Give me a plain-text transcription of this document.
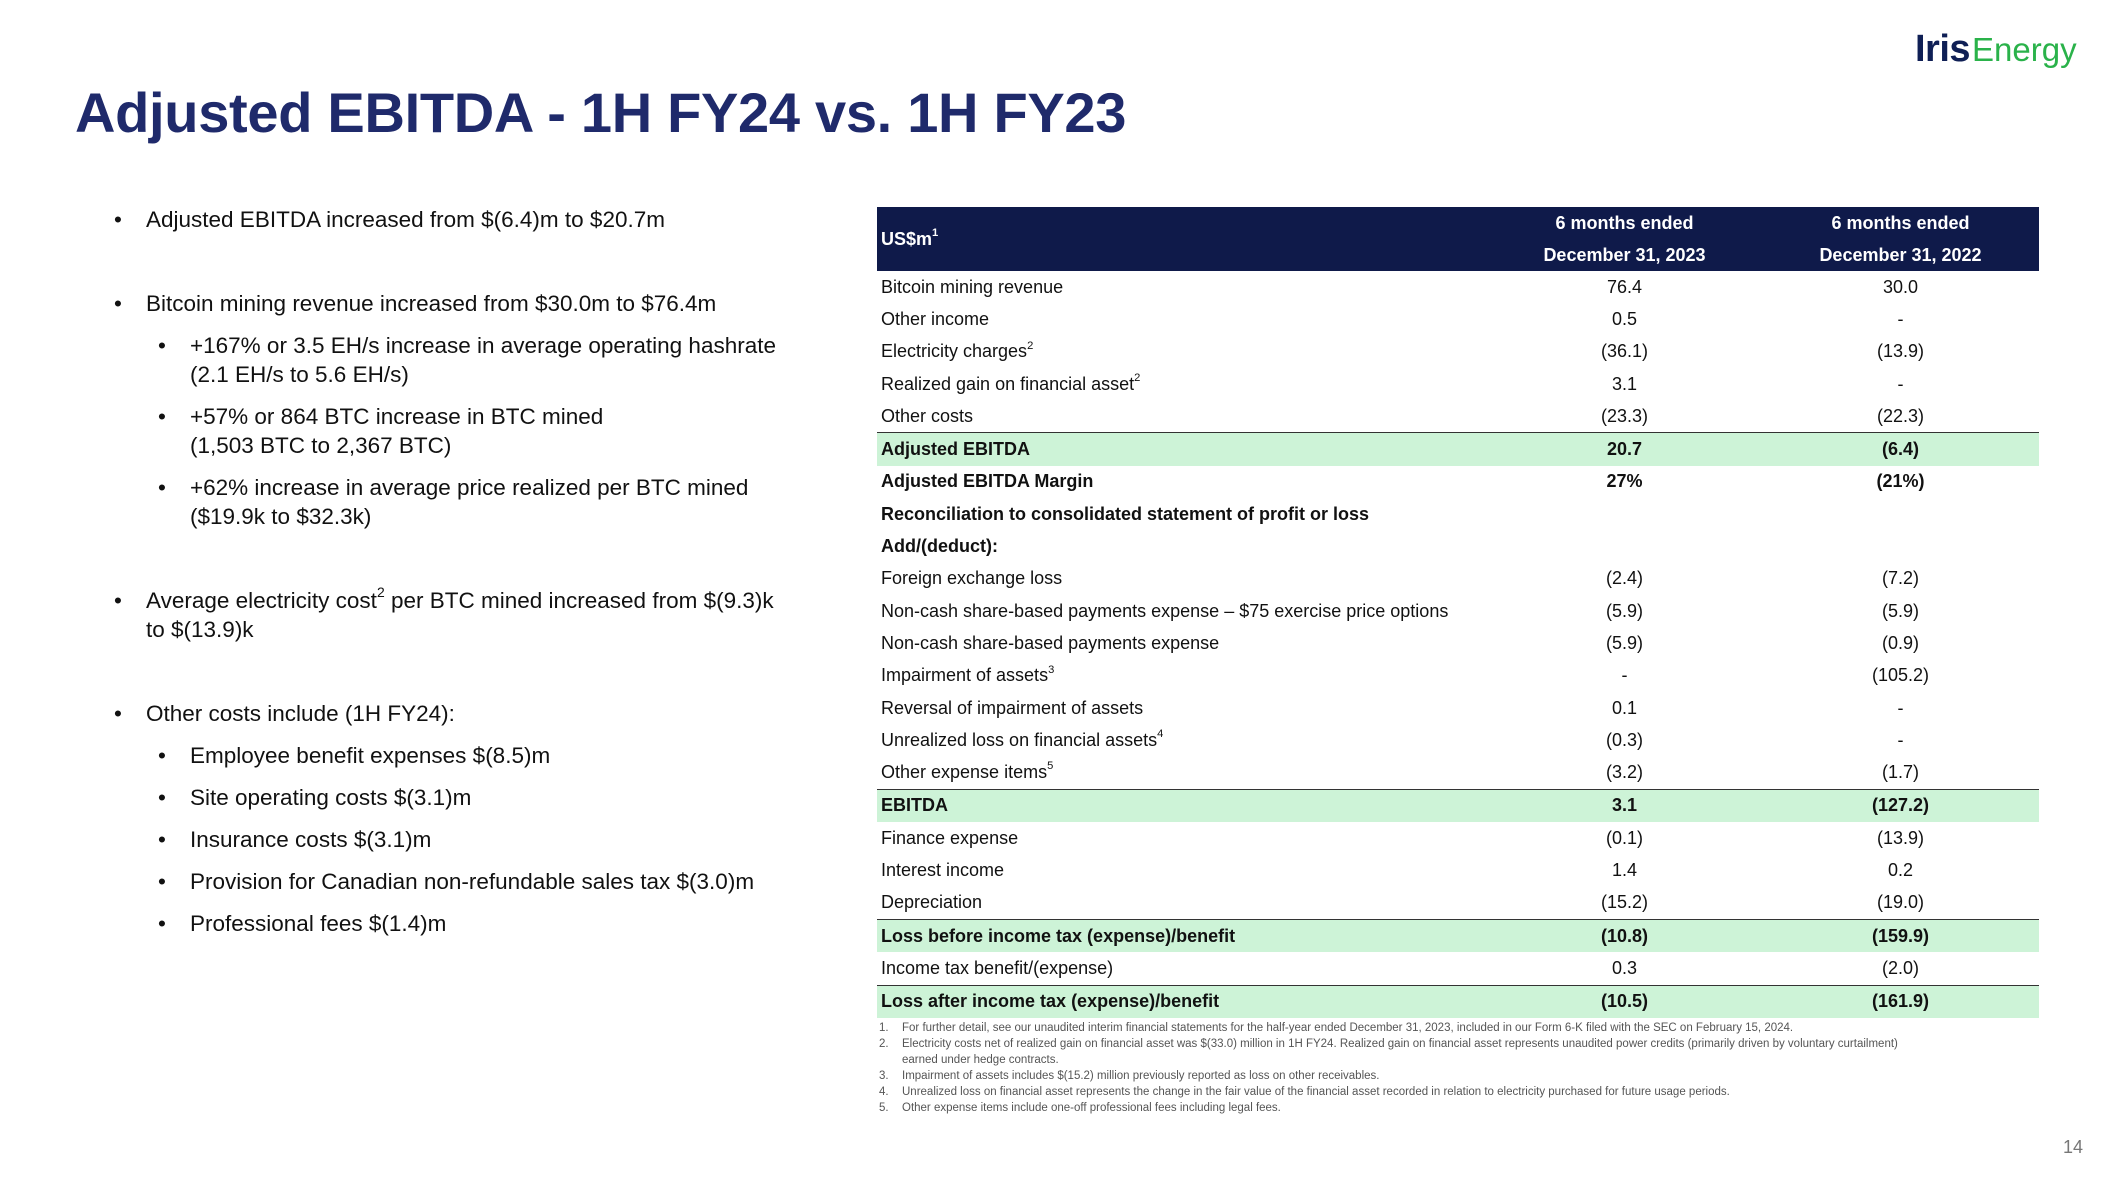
Iris Energy
Adjusted EBITDA - 1H FY24 vs. 1H FY23
• Adjusted EBITDA increased from $(6.4)m to $20.7m
• Bitcoin mining revenue increased from $30.0m to $76.4m
• +167% or 3.5 EH/s increase in average operating hashrate
(2.1 EH/s to 5.6 EH/s)
• +57% or 864 BTC increase in BTC mined
(1,503 BTC to 2,367 BTC)
• +62% increase in average price realized per BTC mined
($19.9k to $32.3k)
• Average electricity cost$^2$ per BTC mined increased from $(9.3)k
to $(13.9)k
• Other costs include (1H FY24):
• Employee benefit expenses $(8.5)m
• Site operating costs $(3.1)m
• Insurance costs $(3.1)m
• Provision for Canadian non-refundable sales tax $(3.0)m
• Professional fees $(1.4)m
$US\$m^1$	6 months ended	6 months ended
	December 31, 2023	December 31, 2022
Bitcoin mining revenue	76.4	30.0
Other income	0.5	-
Electricity charges$^2$	(36.1)	(13.9)
Realized gain on financial asset$^2$	3.1	-
Other costs	(23.3)	(22.3)
Adjusted EBITDA	20.7	(6.4)
Adjusted EBITDA Margin	27%	(21%)
Reconciliation to consolidated statement of profit or loss		
Add/(deduct):		
Foreign exchange loss	(2.4)	(7.2)
Non-cash share-based payments expense – $75 exercise price options	(5.9)	(5.9)
Non-cash share-based payments expense	(5.9)	(0.9)
Impairment of assets$^3$	-	(105.2)
Reversal of impairment of assets	0.1	-
Unrealized loss on financial assets$^4$	(0.3)	-
Other expense items$^5$	(3.2)	(1.7)
EBITDA	3.1	(127.2)
Finance expense	(0.1)	(13.9)
Interest income	1.4	0.2
Depreciation	(15.2)	(19.0)
Loss before income tax (expense)/benefit	(10.8)	(159.9)
Income tax benefit/(expense)	0.3	(2.0)
Loss after income tax (expense)/benefit	(10.5)	(161.9)
1. For further detail, see our unaudited interim financial statements for the half-year ended December 31, 2023, included in our Form 6-K filed with the SEC on February 15, 2024.
2. Electricity costs net of realized gain on financial asset was $(33.0) million in 1H FY24. Realized gain on financial asset represents unaudited power credits (primarily driven by voluntary curtailment)
earned under hedge contracts.
3. Impairment of assets includes $(15.2) million previously reported as loss on other receivables.
4. Unrealized loss on financial asset represents the change in the fair value of the financial asset recorded in relation to electricity purchased for future usage periods.
5. Other expense items include one-off professional fees including legal fees.
14
